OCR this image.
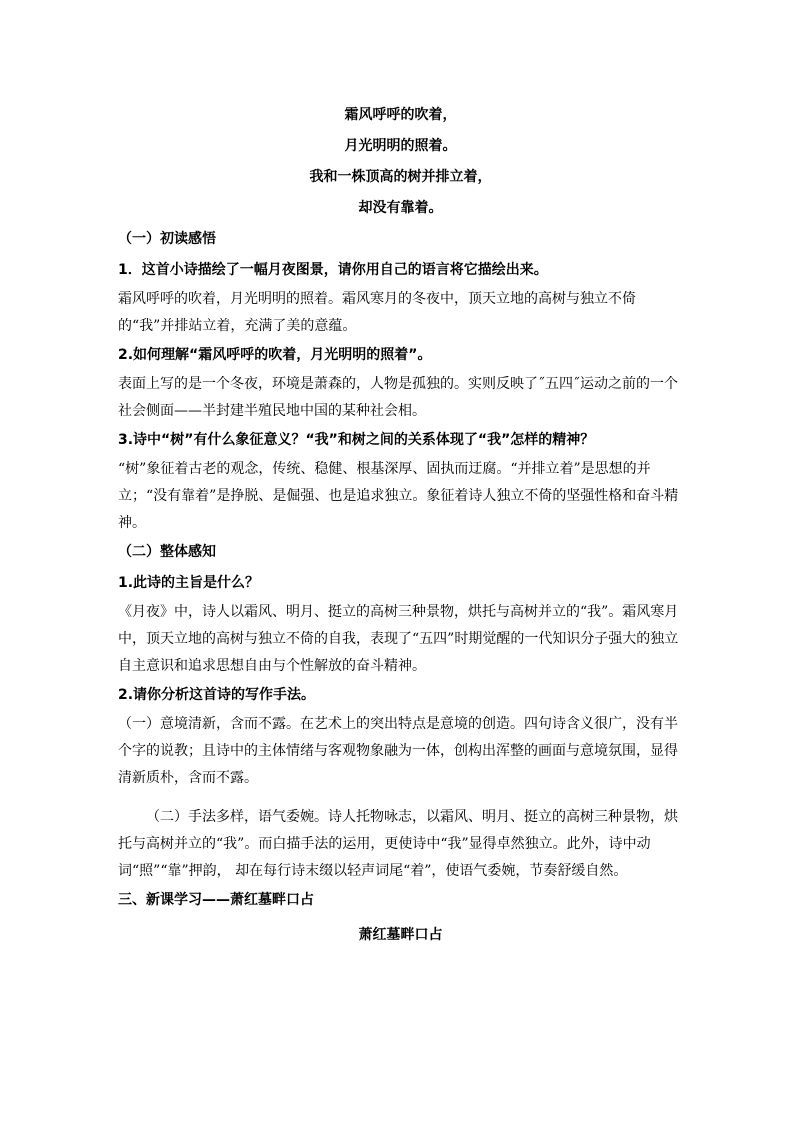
霜风呼呼的吹着，
月光明明的照着。
我和一株顶高的树并排立着，
却没有靠着。
（一）初读感悟
1．这首小诗描绘了一幅月夜图景，请你用自己的语言将它描绘出来。

霜风呼呼的吹着，月光明明的照着。霜风寒月的冬夜中，顶天立地的高树与独立不倚的“我”并排站立着，充满了美的意蕴。

2.如何理解“霜风呼呼的吹着，月光明明的照着”。

表面上写的是一个冬夜，环境是萧森的，人物是孤独的。实则反映了˝五四˝运动之前的一个社会侧面——半封建半殖民地中国的某种社会相。

3.诗中“树”有什么象征意义？“我”和树之间的关系体现了“我”怎样的精神？

“树”象征着古老的观念，传统、稳健、根基深厚、固执而迂腐。“并排立着”是思想的并立；“没有靠着”是挣脱、是倔强、也是追求独立。象征着诗人独立不倚的坚强性格和奋斗精神。

（二）整体感知
1.此诗的主旨是什么？

《月夜》中，诗人以霜风、明月、挺立的高树三种景物，烘托与高树并立的“我”。霜风寒月中，顶天立地的高树与独立不倚的自我，表现了“五四”时期觉醒的一代知识分子强大的独立自主意识和追求思想自由与个性解放的奋斗精神。

2.请你分析这首诗的写作手法。

（一）意境清新，含而不露。在艺术上的突出特点是意境的创造。四句诗含义很广，没有半个字的说教；且诗中的主体情绪与客观物象融为一体，创构出浑整的画面与意境氛围，显得清新质朴，含而不露。

（二）手法多样，语气委婉。诗人托物咏志，以霜风、明月、挺立的高树三种景物，烘托与高树并立的“我”。而白描手法的运用，更使诗中“我”显得卓然独立。此外，诗中动词“照”“靠”押韵， 却在每行诗末缀以轻声词尾“着”，使语气委婉，节奏舒缓自然。

三、新课学习——萧红墓畔口占
萧红墓畔口占
